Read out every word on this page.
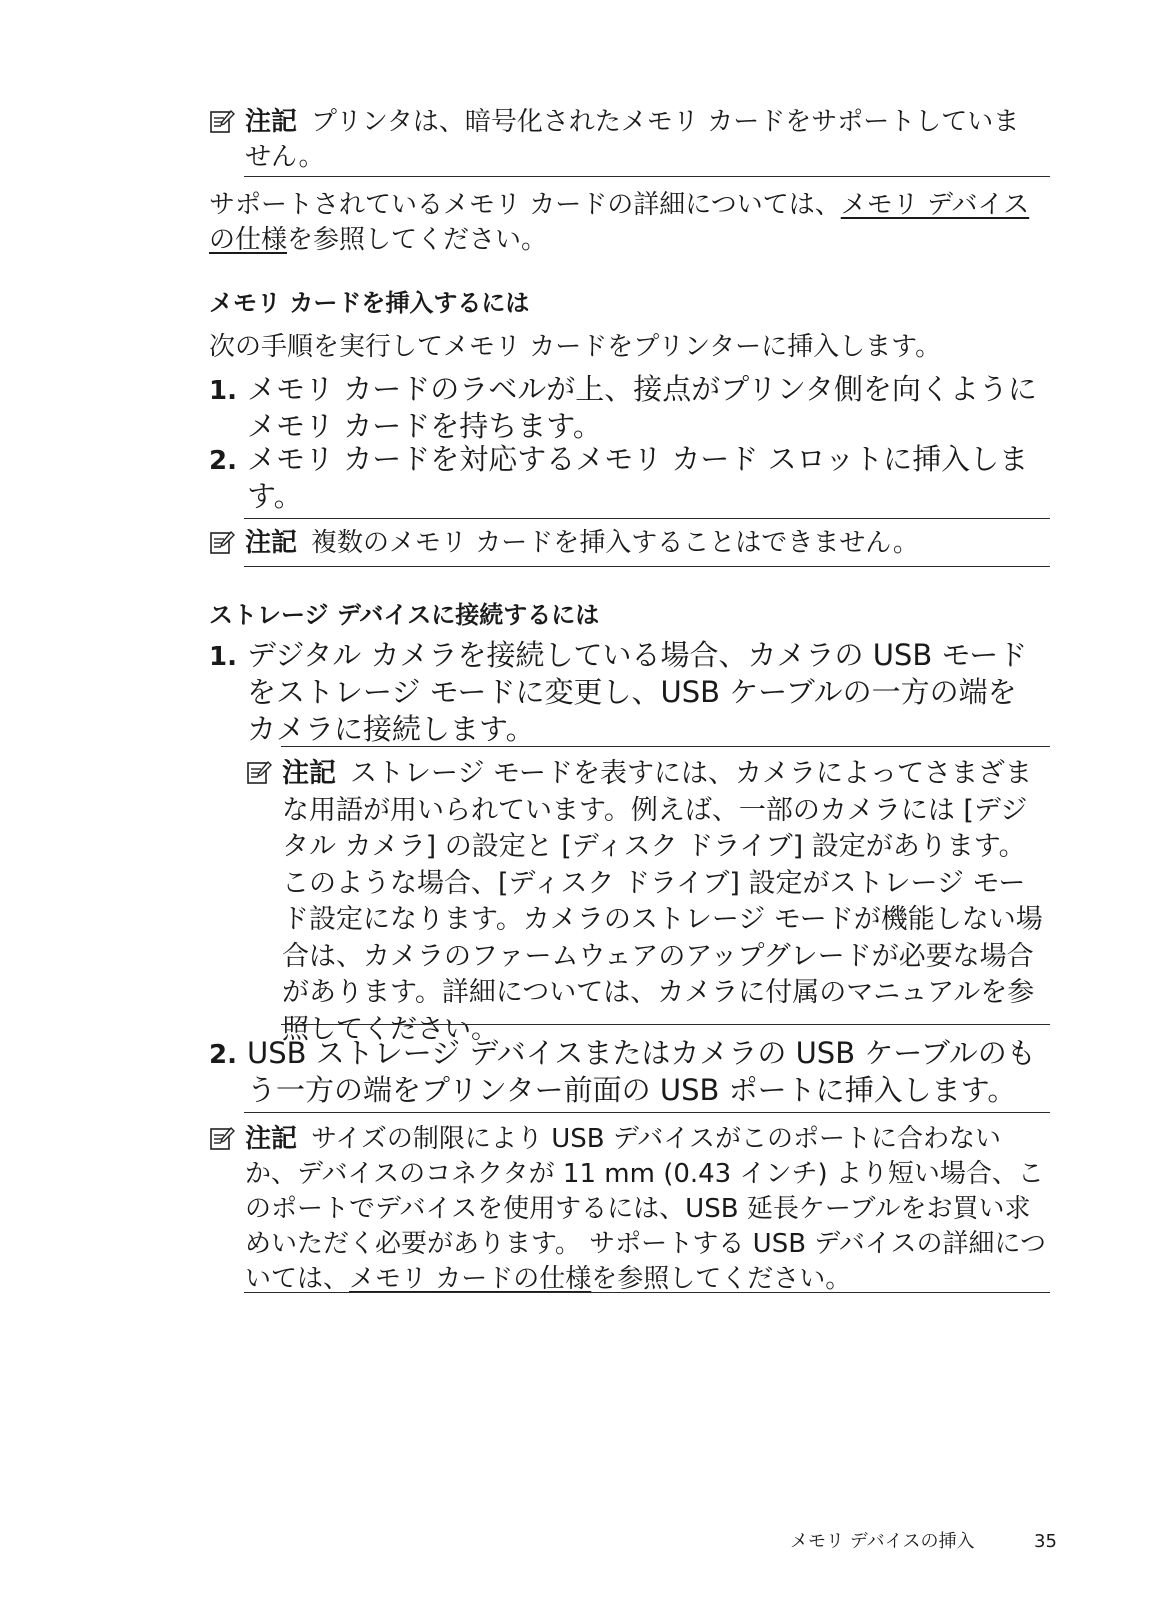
注記 プリンタは、暗号化されたメモリ カードをサポートしていません。
サポートされているメモリ カードの詳細については、メモリ デバイスの仕様を参照してください。
メモリ カードを挿入するには
次の手順を実行してメモリ カードをプリンターに挿入します。
1. メモリ カードのラベルが上、接点がプリンタ側を向くようにメモリ カードを持ちます。
2. メモリ カードを対応するメモリ カード スロットに挿入します。
注記 複数のメモリ カードを挿入することはできません。
ストレージ デバイスに接続するには
1. デジタル カメラを接続している場合、カメラの USB モードをストレージ モードに変更し、USB ケーブルの一方の端をカメラに接続します。
注記 ストレージ モードを表すには、カメラによってさまざまな用語が用いられています。例えば、一部のカメラには [デジタル カメラ] の設定と [ディスク ドライブ] 設定があります。このような場合、[ディスク ドライブ] 設定がストレージ モード設定になります。カメラのストレージ モードが機能しない場合は、カメラのファームウェアのアップグレードが必要な場合があります。詳細については、カメラに付属のマニュアルを参照してください。
2. USB ストレージ デバイスまたはカメラの USB ケーブルのもう一方の端をプリンター前面の USB ポートに挿入します。
注記 サイズの制限により USB デバイスがこのポートに合わないか、デバイスのコネクタが 11 mm (0.43 インチ) より短い場合、このポートでデバイスを使用するには、USB 延長ケーブルをお買い求めいただく必要があります。 サポートする USB デバイスの詳細については、メモリ カードの仕様を参照してください。
メモリ デバイスの挿入	35
